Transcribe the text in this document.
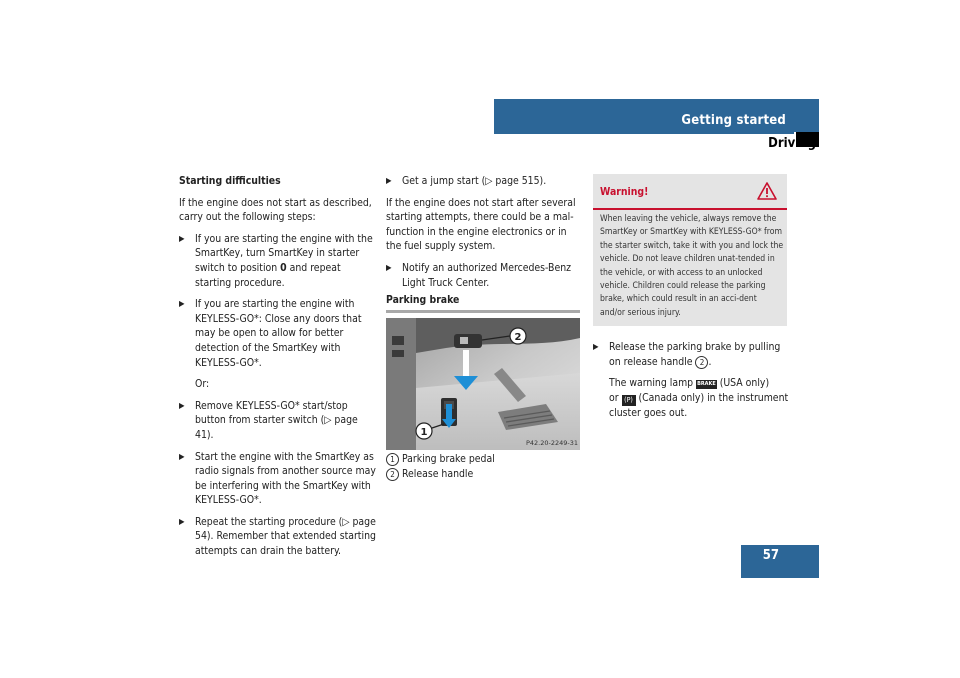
Getting started
Driving

Starting difficulties

If the engine does not start as described, carry out the following steps:

▶	If you are starting the engine with the SmartKey, turn SmartKey in starter switch to position 0 and repeat starting procedure.
▶	If you are starting the engine with KEYLESS-GO*: Close any doors that may be open to allow for better detection of the SmartKey with KEYLESS-GO*.

Or:

▶	Remove KEYLESS-GO* start/stop button from starter switch (▷ page 41).
▶	Start the engine with the SmartKey as radio signals from another source may be interfering with the SmartKey with KEYLESS-GO*.
▶	Repeat the starting procedure (▷ page 54). Remember that extended starting attempts can drain the battery.
▶	Get a jump start (▷ page 515).

If the engine does not start after several starting attempts, there could be a mal-function in the engine electronics or in the fuel supply system.

▶	Notify an authorized Mercedes-Benz Light Truck Center.
Parking brake
2
1
P42.20-2249-31

1 Parking brake pedal

2 Release handle

Warning!
When leaving the vehicle, always remove the SmartKey or SmartKey with KEYLESS-GO* from the starter switch, take it with you and lock the vehicle. Do not leave children unat-tended in the vehicle, or with access to an unlocked vehicle. Children could release the parking brake, which could result in an acci-dent and/or serious injury.
▶	Release the parking brake by pulling on release handle 2 .

The warning lamp BRAKE (USA only)
or (P) (Canada only) in the instrument cluster goes out.

57
